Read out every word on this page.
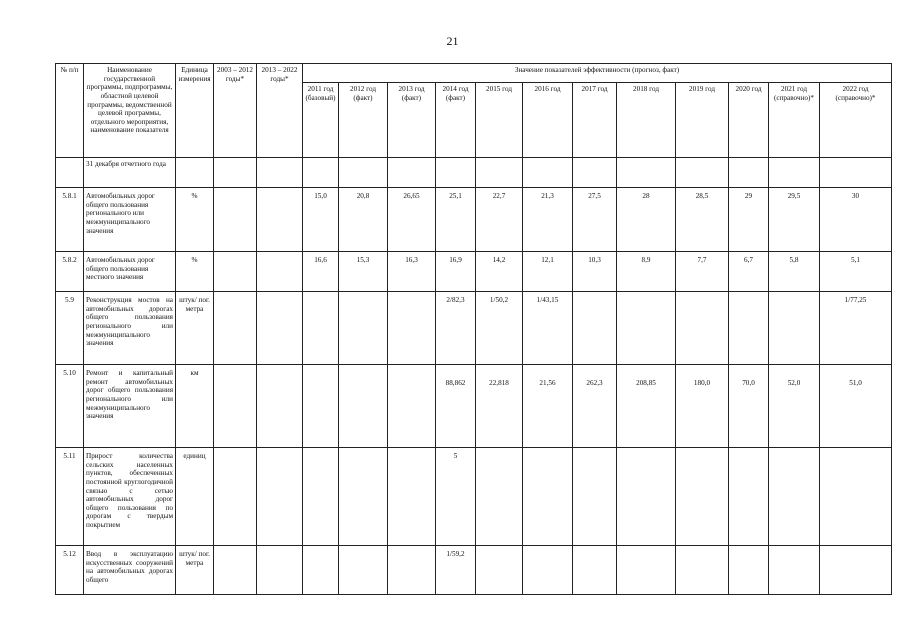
21
№ п/п	Наименование государственной программы, подпрограммы, областной целевой программы, ведомственной целевой программы, отдельного мероприятия, наименование показателя	Единица измерения	2003 – 2012 годы*	2013 – 2022 годы*	Значение показателей эффективности (прогноз, факт)											
					2011 год (базовый)	2012 год (факт)	2013 год (факт)	2014 год (факт)	2015 год	2016 год	2017 год	2018 год	2019 год	2020 год	2021 год (справочно)*	2022 год (справочно)*
	31 декабря отчетного года															
5.8.1	Автомобильных дорог общего пользования регионального или межмуниципального значения	%			15,0	20,8	26,65	25,1	22,7	21,3	27,5	28	28,5	29	29,5	30
5.8.2	Автомобильных дорог общего пользования местного значения	%			16,6	15,3	16,3	16,9	14,2	12,1	10,3	8,9	7,7	6,7	5,8	5,1
5.9	Реконструкция мостов на автомобильных дорогах общего пользования регионального или межмуниципального значения	штук/ пог. метра						2/82,3	1/50,2	1/43,15						1/77,25
5.10	Ремонт и капитальный ремонт автомобильных дорог общего пользования регионального или межмуниципального значения	км						88,862	22,818	21,56	262,3	208,85	180,0	70,0	52,0	51,0
5.11	Прирост количества сельских населенных пунктов, обеспеченных постоянной круглогодичной связью с сетью автомобильных дорог общего пользования по дорогам с твердым покрытием	единиц						5								
5.12	Ввод в эксплуатацию искусственных сооружений на автомобильных дорогах общего	штук/ пог. метра						1/59,2								
